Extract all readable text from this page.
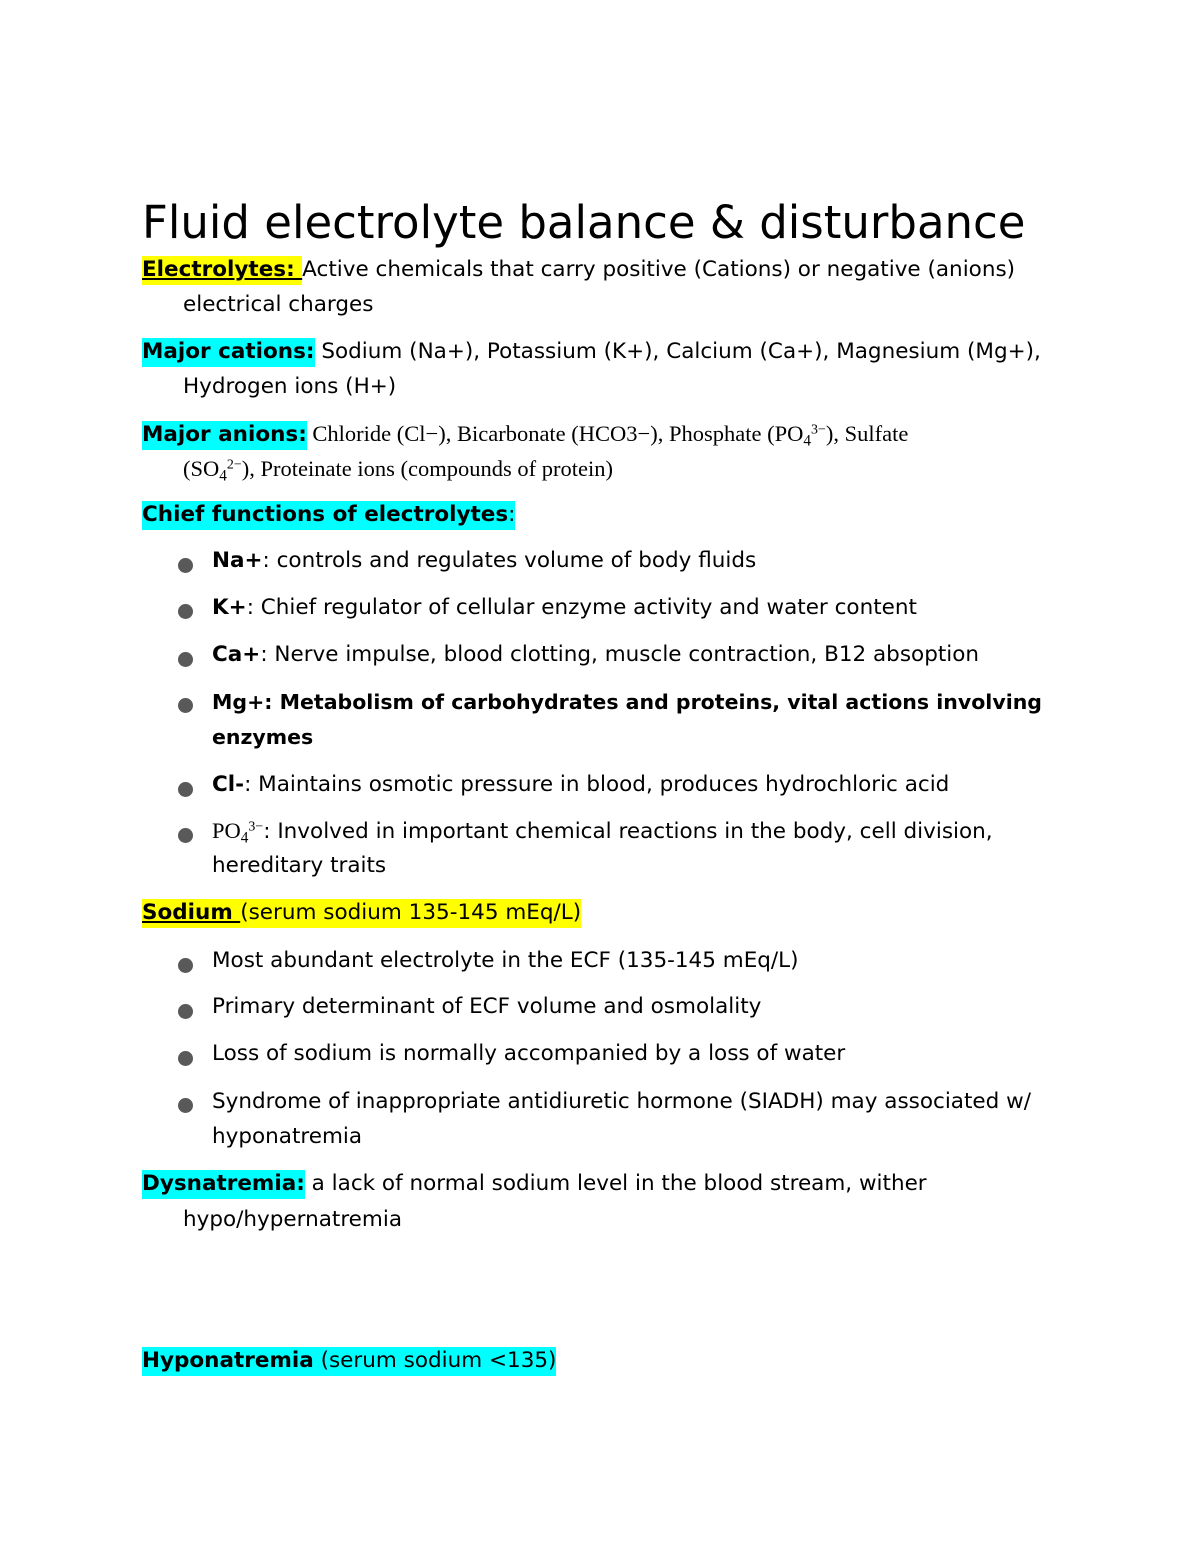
Fluid electrolyte balance & disturbance
Electrolytes: Active chemicals that carry positive (Cations) or negative (anions)
electrical charges
Major cations: Sodium (Na+), Potassium (K+), Calcium (Ca+), Magnesium (Mg+),
Hydrogen ions (H+)
Major anions: Chloride (Cl−), Bicarbonate (HCO3−), Phosphate $(PO_4^{3-})$, Sulfate
$(SO_4^{2-})$, Proteinate ions (compounds of protein)
Chief functions of electrolytes:
Na+: controls and regulates volume of body fluids
K+: Chief regulator of cellular enzyme activity and water content
Ca+: Nerve impulse, blood clotting, muscle contraction, B12 absoption
Mg+: Metabolism of carbohydrates and proteins, vital actions involving
enzymes
Cl-: Maintains osmotic pressure in blood, produces hydrochloric acid
$PO_4^{3-}$: Involved in important chemical reactions in the body, cell division,
hereditary traits
Sodium (serum sodium 135-145 mEq/L)
Most abundant electrolyte in the ECF (135-145 mEq/L)
Primary determinant of ECF volume and osmolality
Loss of sodium is normally accompanied by a loss of water
Syndrome of inappropriate antidiuretic hormone (SIADH) may associated w/
hyponatremia
Dysnatremia: a lack of normal sodium level in the blood stream, wither
hypo/hypernatremia
Hyponatremia (serum sodium <135)
